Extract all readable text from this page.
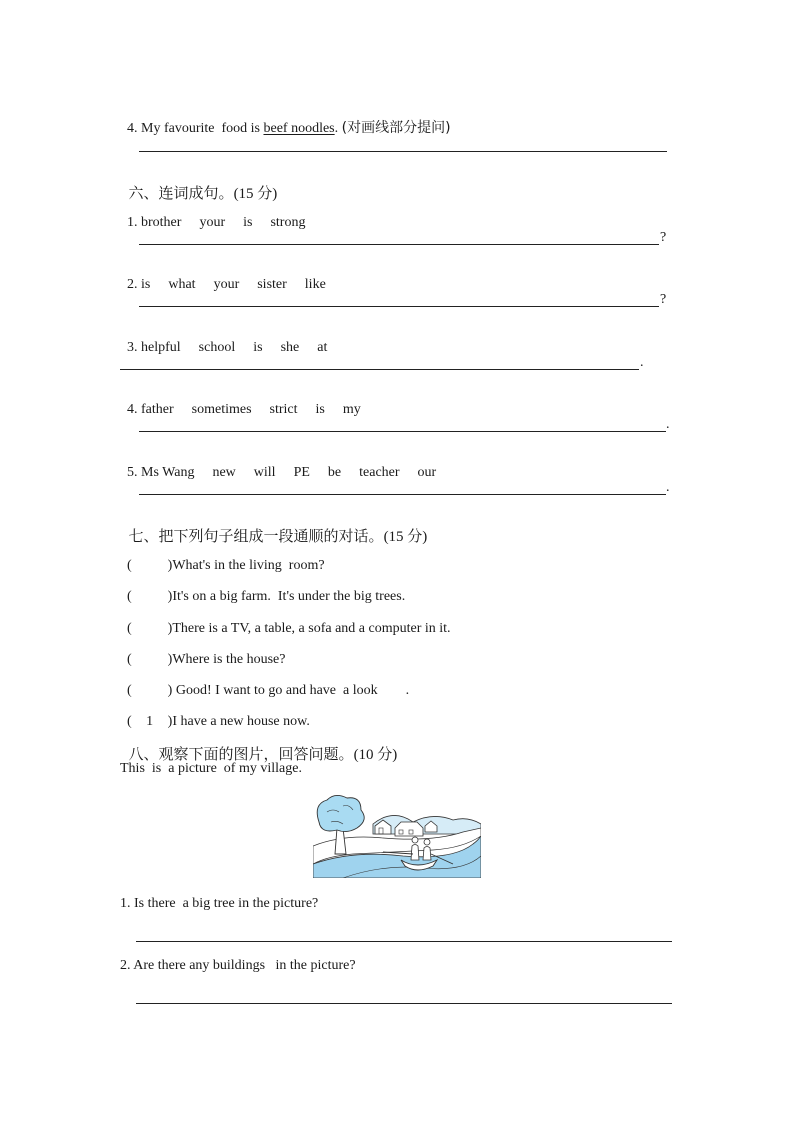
4. My favourite  food is beef noodles. (对画线部分提问)

六、连词成句。(15 分)

1. brother your is strong

?

2. is what your sister like

?

3. helpful school is she at

.

4. father sometimes strict is my

.

5. Ms Wang new will PE be teacher our

.

七、把下列句子组成一段通顺的对话。(15 分)

(	)What's in the living  room?

(	)It's on a big farm.  It's under the big trees.

(	)There is a TV, a table, a sofa and a computer in it.

(	)Where is the house?

(	) Good! I want to go and have  a look        .

( 1 )I have a new house now.

八、观察下面的图片，回答问题。(10 分)

This  is  a picture  of my village.
1. Is there  a big tree in the picture?
2. Are there any buildings   in the picture?
